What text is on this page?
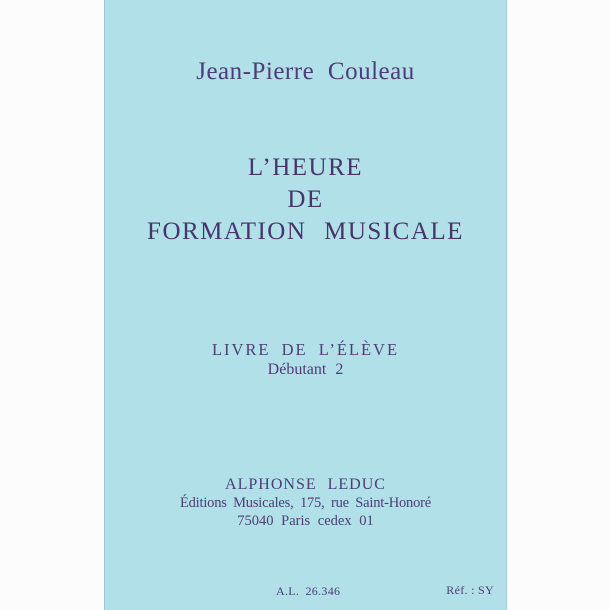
Jean-Pierre Couleau
L’HEURE
DE
FORMATION MUSICALE
LIVRE DE L’ÉLÈVE
Débutant 2
ALPHONSE LEDUC
Éditions Musicales, 175, rue Saint-Honoré
75040 Paris cedex 01
A.L. 26.346	Réf. : SY
